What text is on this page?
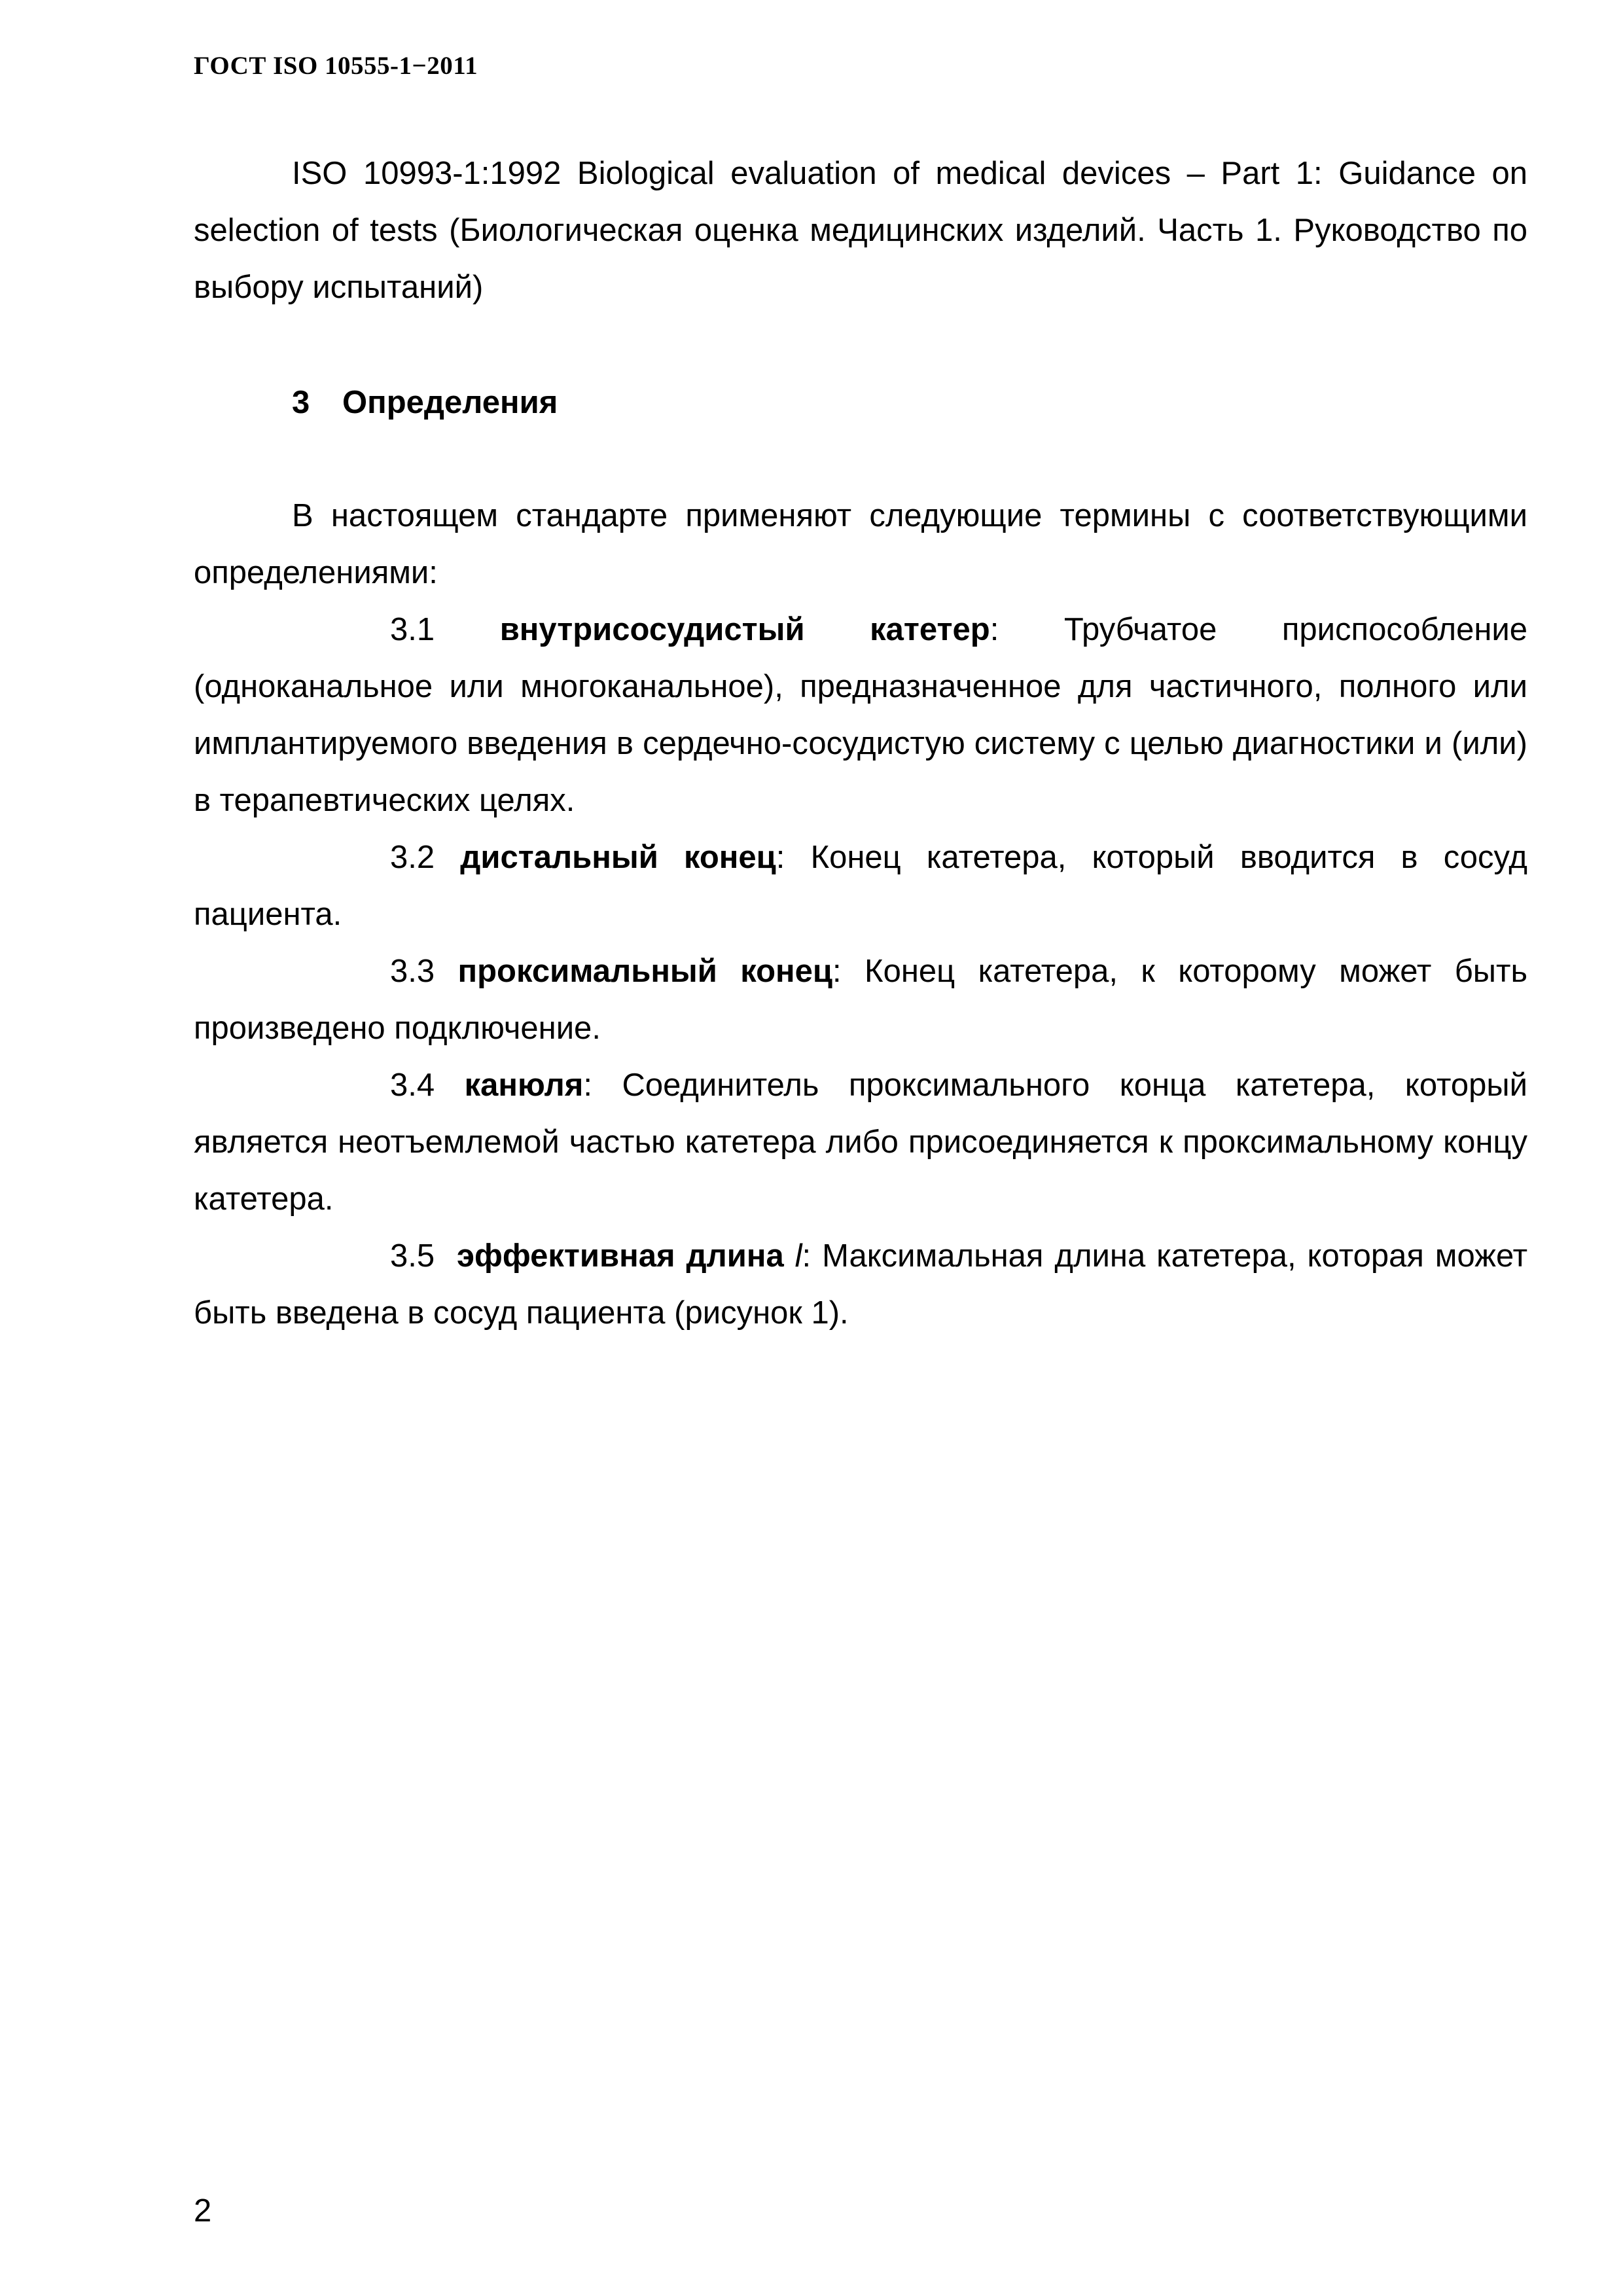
ГОСТ ISO 10555-1−2011

ISO 10993-1:1992 Biological evaluation of medical devices – Part 1: Guidance on selection of tests (Биологическая оценка медицинских изделий. Часть 1. Руководство по выбору испытаний)

3 Определения

В настоящем стандарте применяют следующие термины с соответствующими определениями:

3.1 внутрисосудистый катетер: Трубчатое приспособление (одноканальное или многоканальное), предназначенное для частичного, полного или имплантируемого введения в сердечно-сосудистую систему с целью диагностики и (или) в терапевтических целях.

3.2 дистальный конец: Конец катетера, который вводится в сосуд пациента.

3.3 проксимальный конец: Конец катетера, к которому может быть произведено подключение.

3.4 канюля: Соединитель проксимального конца катетера, который является неотъемлемой частью катетера либо присоединяется к проксимальному концу катетера.

3.5 эффективная длина l: Максимальная длина катетера, которая может быть введена в сосуд пациента (рисунок 1).

2
